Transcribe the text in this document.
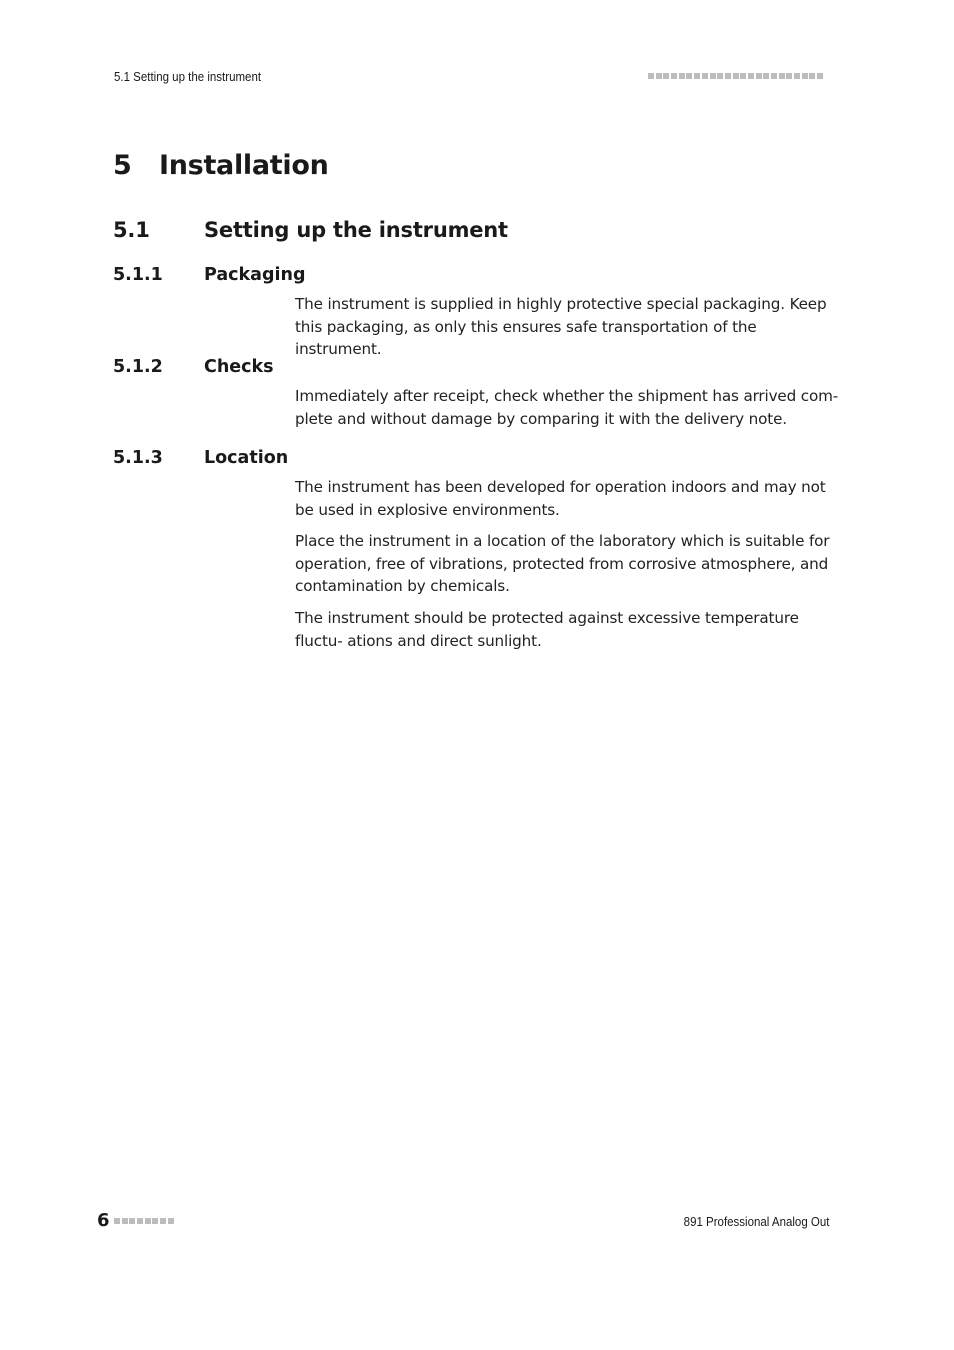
5.1 Setting up the instrument
5 Installation
5.1	Setting up the instrument
5.1.1 Packaging

The instrument is supplied in highly protective special packaging. Keep this packaging, as only this ensures safe transportation of the instrument.

5.1.2 Checks

Immediately after receipt, check whether the shipment has arrived com- plete and without damage by comparing it with the delivery note.

5.1.3 Location

The instrument has been developed for operation indoors and may not be used in explosive environments.

Place the instrument in a location of the laboratory which is suitable for operation, free of vibrations, protected from corrosive atmosphere, and contamination by chemicals.

The instrument should be protected against excessive temperature fluctu- ations and direct sunlight.

6	891 Professional Analog Out
